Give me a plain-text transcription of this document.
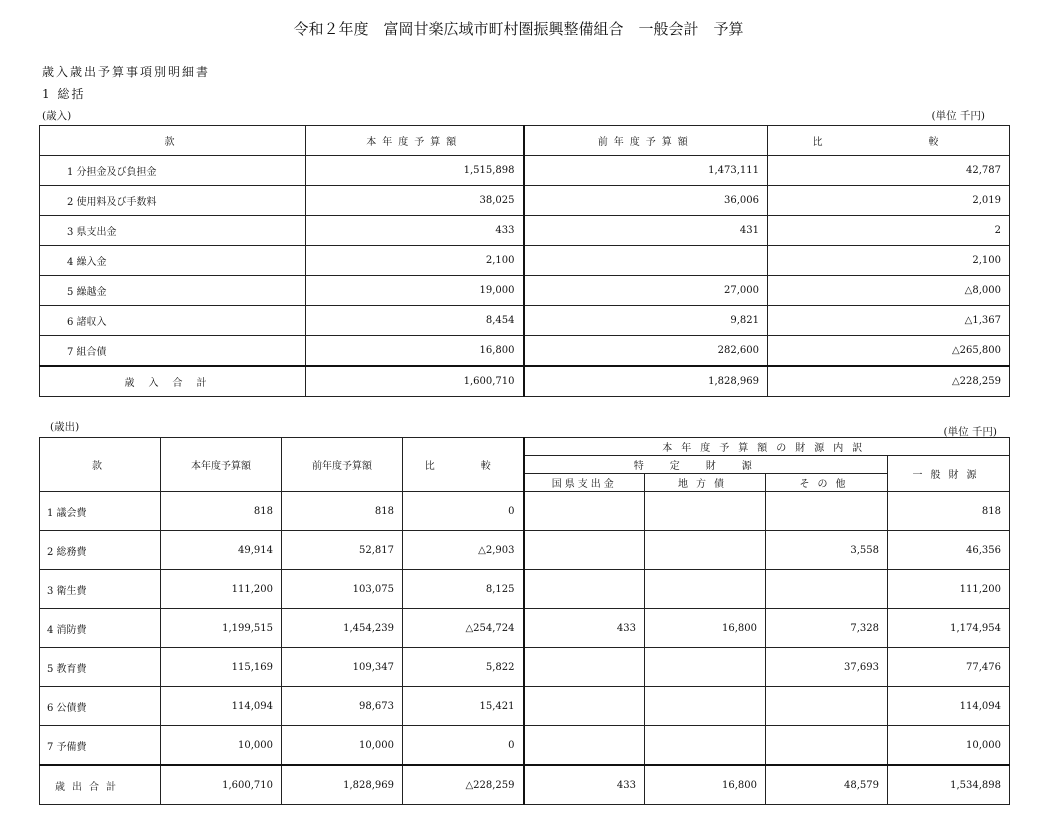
令和２年度　富岡甘楽広域市町村圏振興整備組合　一般会計　予算
歳入歳出予算事項別明細書
1 総括
(歳入)	(単位 千円)
款	本年度予算額	前年度予算額	比 較
1 分担金及び負担金	1,515,898	1,473,111	42,787
2 使用料及び手数料	38,025	36,006	2,019
3 県支出金	433	431	2
4 繰入金	2,100		2,100
5 繰越金	19,000	27,000	△8,000
6 諸収入	8,454	9,821	△1,367
7 組合債	16,800	282,600	△265,800
歳入合計	1,600,710	1,828,969	△228,259
(歳出)	(単位 千円)
款	本年度予算額	前年度予算額	比 較	本年度予算額の財源内訳			
				特定財源			一般財源
				国県支出金	地方債	その他	
1 議会費	818	818	0				818
2 総務費	49,914	52,817	△2,903			3,558	46,356
3 衛生費	111,200	103,075	8,125				111,200
4 消防費	1,199,515	1,454,239	△254,724	433	16,800	7,328	1,174,954
5 教育費	115,169	109,347	5,822			37,693	77,476
6 公債費	114,094	98,673	15,421				114,094
7 予備費	10,000	10,000	0				10,000
歳出合計	1,600,710	1,828,969	△228,259	433	16,800	48,579	1,534,898
